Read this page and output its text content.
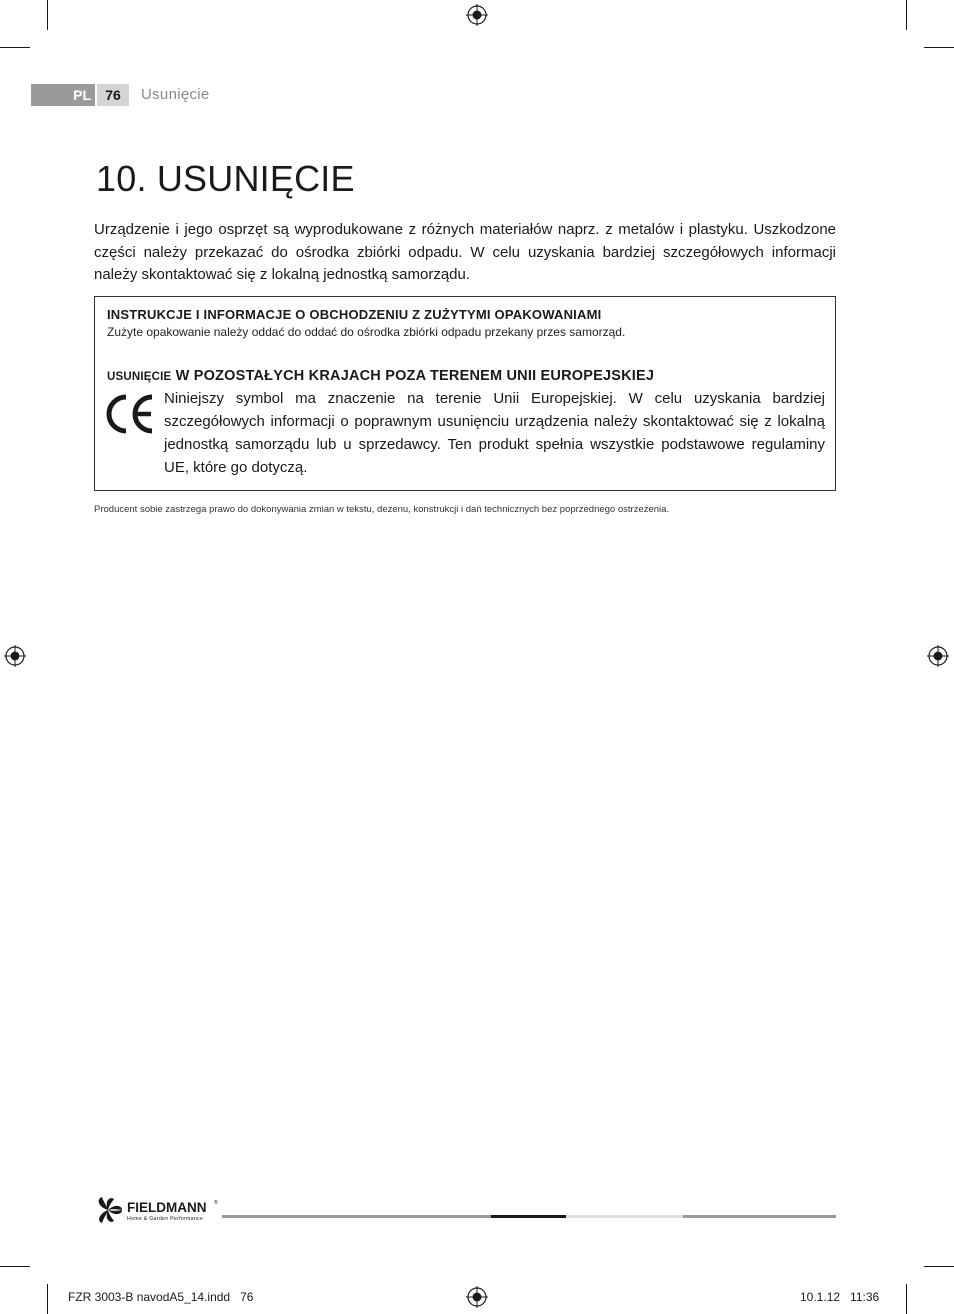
PL	76	Usunięcie
10. USUNIĘCIE
Urządzenie i jego osprzęt są wyprodukowane z różnych materiałów naprz. z metalów i plastyku. Uszkodzone części należy przekazać do ośrodka zbiórki odpadu. W celu uzyskania bardziej szczegółowych informacji należy skontaktować się z lokalną jednostką samorządu.
INSTRUKCJE I INFORMACJE O OBCHODZENIU Z ZUŻYTYMI OPAKOWANIAMI
Zużyte opakowanie należy oddać do oddać do ośrodka zbiórki odpadu przekany przes samorząd.
USUNIĘCIE W POZOSTAŁYCH KRAJACH POZA TERENEM UNII EUROPEJSKIEJ
Niniejszy symbol ma znaczenie na terenie Unii Europejskiej. W celu uzyskania bardziej szczegółowych informacji o poprawnym usunięnciu urządzenia należy skontaktować się z lokalną jednostką samorządu lub u sprzedawcy. Ten produkt spełnia wszystkie podstawowe regulaminy UE, które go dotyczą.
Producent sobie zastrzega prawo do dokonywania zmian w tekstu, dezenu, konstrukcji i dań technicznych bez poprzednego ostrzeżenia.
FIELDMANN ®
Home & Garden Performance
FZR 3003-B navodA5_14.indd   76	10.1.12   11:36
